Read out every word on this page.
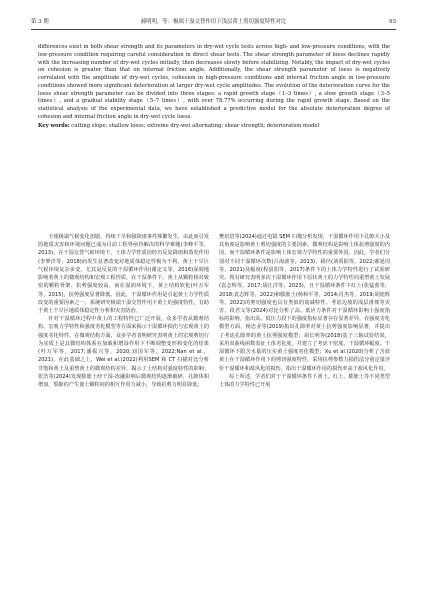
第 3 期	郝明明，等：极端干湿交替作用下浅层黄土剪切强度特性对比	93

differences exist in both shear strength and its parameters in dry-wet cycle tests across high- and low-pressure conditions, with the low-pressure condition requiring careful consideration in direct shear tests. The shear strength parameter of loess declines rapidly with the increasing number of dry-wet cycles initially, then decreases slowly before stabilizing. Notably, the impact of dry-wet cycles on cohesion is greater than that on internal friction angle. Additionally, the shear strength parameter of loess is negatively correlated with the amplitude of dry-wet cycles, cohesion in high-pressure conditions and internal friction angle in low-pressure conditions showed more significant deterioration at larger dry-wet cycle amplitudes. The evolution of the deterioration curve for the loess shear strength parameter can be divided into three stages: a rapid growth stage（1–3 times）, a slow growth stage（3–5 times）, and a gradual stability stage（5–7 times）, with over 78.77% occurring during the rapid growth stage. Based on the statistical analysis of the experimental data, we have established a predictive model for the absolute deterioration degree of cohesion and internal friction angle in dry-wet cycle loess.

Key words: cutting slope; shallow loess; extreme dry-wet alternating; shear strength; deterioration model

全球极端气候变化加剧，持续干旱和强降雨事件频繁发生，由此而引发的地质灾害和环境问题已成为目前工程界亟待解决的科学难题(李峰平等，2013)。在干湿交替气候环境下，土体力学性质因经历反复降雨和蒸发作用(李梦洋等，2018)而发生显著改变对地质体稳定性极为不利。黄土干旱区气候环境复杂多变，尤其是反复的干湿循环作用(谢定义等，2016)深刻地影响着黄土的微观结构和宏观工程性质，在干湿条件下，黄土从颗粒相对致密的颗粒骨架、抗剪强度较高，而在湿润环境下，黄土结构软化(叶万军等，2015)，抗剪强度显著降低。因此，干湿循环作用是引起黄土力学性质改变的重要因素之一，系统研究极端干湿交替作用下黄土的强度特性，有助于黄土干旱区地质体稳定性分析和灾害防治。

针对干湿循环过程中黄土的工程特性已广泛开展，众多学者从微观结构、宏观力学特性和强度劣化模型等方面来揭示干湿循环损伤与宏观黄土的强度劣化特性。在微观结构方面，众多学者表明研究表明黄土的宏观剪切行为实质上是其微结构体系在加载和增湿作用下不断调整变形和变化的结果(叶万军等，2017;潘振兴等，2020;刘国军等，2022;Nan et al.，2021)。在此基础之上，Wei et al.(2022)利用SEM 和 CT 扫描对比分析非饱和黄土及重塑黄土的微观结构差异，揭示了土结构对强度特性的影响；张浩等(2024)发现膨胀土经干湿-冻融影响后微观结构逐渐破碎，孔隙体积增加，裂隙的产生使土颗粒间的相互作用力减小，导致抗剪力明显降低；

樊培培等(2024)通过电镜 SEM 扫描分析发现，干湿循环作用下孔隙大小及其角度是影响黄土剪切强度的主要因素。微观结构是影响土体抗剪强度的内因，而干湿循环条件是影响土体宏观力学特性的重要外因。因此，学者们分别对不同干湿循环次数(吕海波等，2013)、路径(刘禹阳等，2022;郝延周等，2021)及幅度(程富阳等，2017)条件下的土体力学特性进行了试验研究。现有研究表明多次干湿循环作用下原状黄土的力学特性向重塑黄土发展(袁志辉等，2017;胡江洋等，2023)，且干湿循环条件下红土(张猛蕾等，2018;袁志辉等，2022)和膨胀土(杨和平等，2014;肖杰等，2019;胡旭辉等，2022)的剪切强度也具有类似的衰减特性。考虑边坡的浅层滑坡等灾害，段君义等(2024)对比分析了高、低应力条件对干湿循环影响土强度指标的影响，指出高、低压力段下的强度指标显著存在显著差异。在强度劣化模型方面，杨忠业等(2019)指出孔隙率对黄土抗剪强度影响显著，并提出了考虑孔隙率的黄土抗剪强度模型；胡长明等(2018)基于三轴试验结果，采用双曲线函数表征土体劣化度，并建立了考虑干密度、干湿循环幅度、干湿循环下限含水量的压实黄土强度劣化模型；Xu et al.(2020)分析了含盐黄土在干湿循环作用下的剪切强度特性，采用抗剪参数力损伤法分别定量评价干湿循环和盐风化的损伤，指出干湿循环作用的损伤率高于盐风化作用。

综上所述，学者们对于干湿循环条件下黄土、红土、膨胀土等不同类型土体的力学特性已开展
